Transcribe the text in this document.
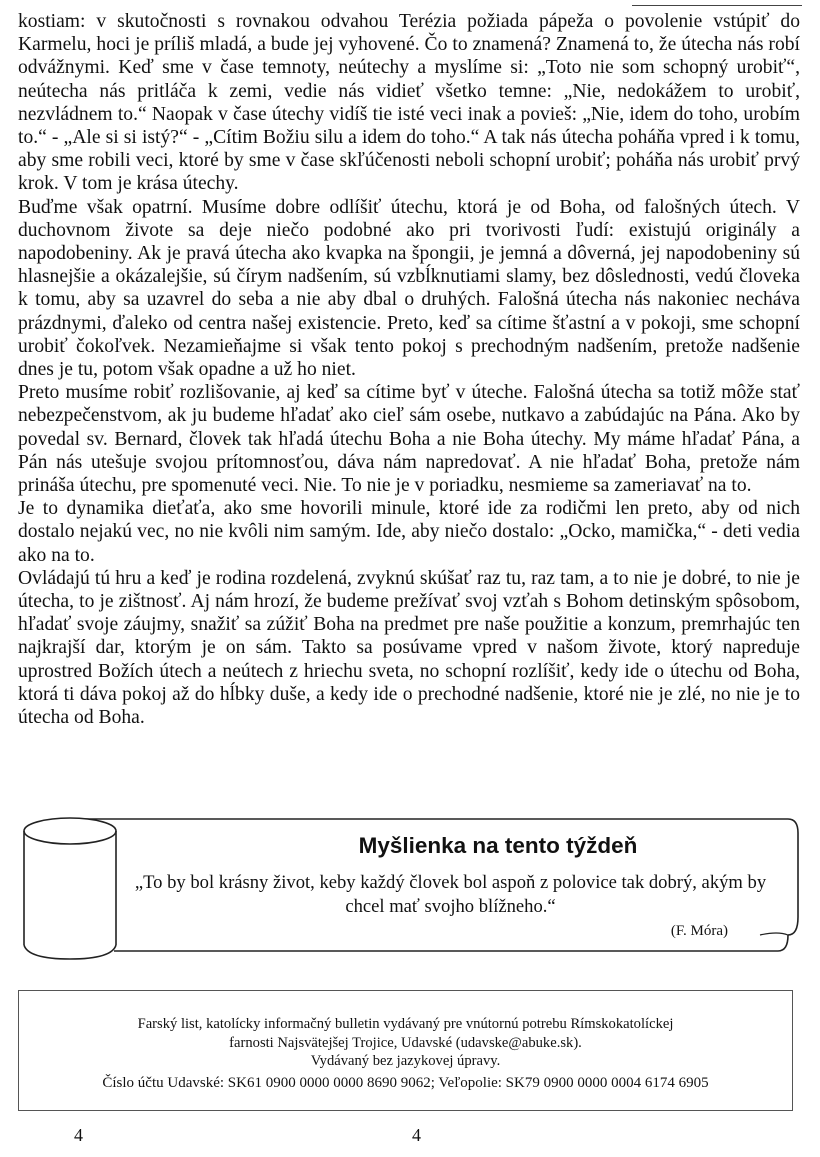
kostiam: v skutočnosti s rovnakou odvahou Terézia požiada pápeža o povolenie vstúpiť do Karmelu, hoci je príliš mladá, a bude jej vyhovené. Čo to znamená? Znamená to, že útecha nás robí odvážnymi. Keď sme v čase temnoty, neútechy a myslíme si: „Toto nie som schopný urobiť“, neútecha nás pritláča k zemi, vedie nás vidieť všetko temne: „Nie, nedokážem to urobiť, nezvládnem to.“ Naopak v čase útechy vidíš tie isté veci inak a povieš: „Nie, idem do toho, urobím to.“ - „Ale si si istý?“ - „Cítim Božiu silu a idem do toho.“ A tak nás útecha poháňa vpred i k tomu, aby sme robili veci, ktoré by sme v čase skľúčenosti neboli schopní urobiť; poháňa nás urobiť prvý krok. V tom je krása útechy.

Buďme však opatrní. Musíme dobre odlíšiť útechu, ktorá je od Boha, od falošných útech. V duchovnom živote sa deje niečo podobné ako pri tvorivosti ľudí: existujú originály a napodobeniny. Ak je pravá útecha ako kvapka na špongii, je jemná a dôverná, jej napodobeniny sú hlasnejšie a okázalejšie, sú čírym nadšením, sú vzbĺknutiami slamy, bez dôslednosti, vedú človeka k tomu, aby sa uzavrel do seba a nie aby dbal o druhých. Falošná útecha nás nakoniec necháva prázdnymi, ďaleko od centra našej existencie. Preto, keď sa cítime šťastní a v pokoji, sme schopní urobiť čokoľvek. Nezamieňajme si však tento pokoj s prechodným nadšením, pretože nadšenie dnes je tu, potom však opadne a už ho niet.

Preto musíme robiť rozlišovanie, aj keď sa cítime byť v úteche. Falošná útecha sa totiž môže stať nebezpečenstvom, ak ju budeme hľadať ako cieľ sám osebe, nutkavo a zabúdajúc na Pána. Ako by povedal sv. Bernard, človek tak hľadá útechu Boha a nie Boha útechy. My máme hľadať Pána, a Pán nás utešuje svojou prítomnosťou, dáva nám napredovať. A nie hľadať Boha, pretože nám prináša útechu, pre spomenuté veci. Nie. To nie je v poriadku, nesmieme sa zameriavať na to.

Je to dynamika dieťaťa, ako sme hovorili minule, ktoré ide za rodičmi len preto, aby od nich dostalo nejakú vec, no nie kvôli nim samým. Ide, aby niečo dostalo: „Ocko, mamička,“ - deti vedia ako na to.

Ovládajú tú hru a keď je rodina rozdelená, zvyknú skúšať raz tu, raz tam, a to nie je dobré, to nie je útecha, to je zištnosť. Aj nám hrozí, že budeme prežívať svoj vzťah s Bohom detinským spôsobom, hľadať svoje záujmy, snažiť sa zúžiť Boha na predmet pre naše použitie a konzum, premrhajúc ten najkrajší dar, ktorým je on sám. Takto sa posúvame vpred v našom živote, ktorý napreduje uprostred Božích útech a neútech z hriechu sveta, no schopní rozlíšiť, kedy ide o útechu od Boha, ktorá ti dáva pokoj až do hĺbky duše, a kedy ide o prechodné nadšenie, ktoré nie je zlé, no nie je to útecha od Boha.

Myšlienka na tento týždeň
„To by bol krásny život, keby každý človek bol aspoň z polovice tak dobrý, akým by chcel mať svojho blížneho.“
(F. Móra)
Farský list, katolícky informačný bulletin vydávaný pre vnútornú potrebu Rímskokatolíckej
farnosti Najsvätejšej Trojice, Udavské (udavske@abuke.sk).
Vydávaný bez jazykovej úpravy.
Číslo účtu Udavské: SK61 0900 0000 0000 8690 9062; Veľopolie: SK79 0900 0000 0004 6174 6905
4	4
